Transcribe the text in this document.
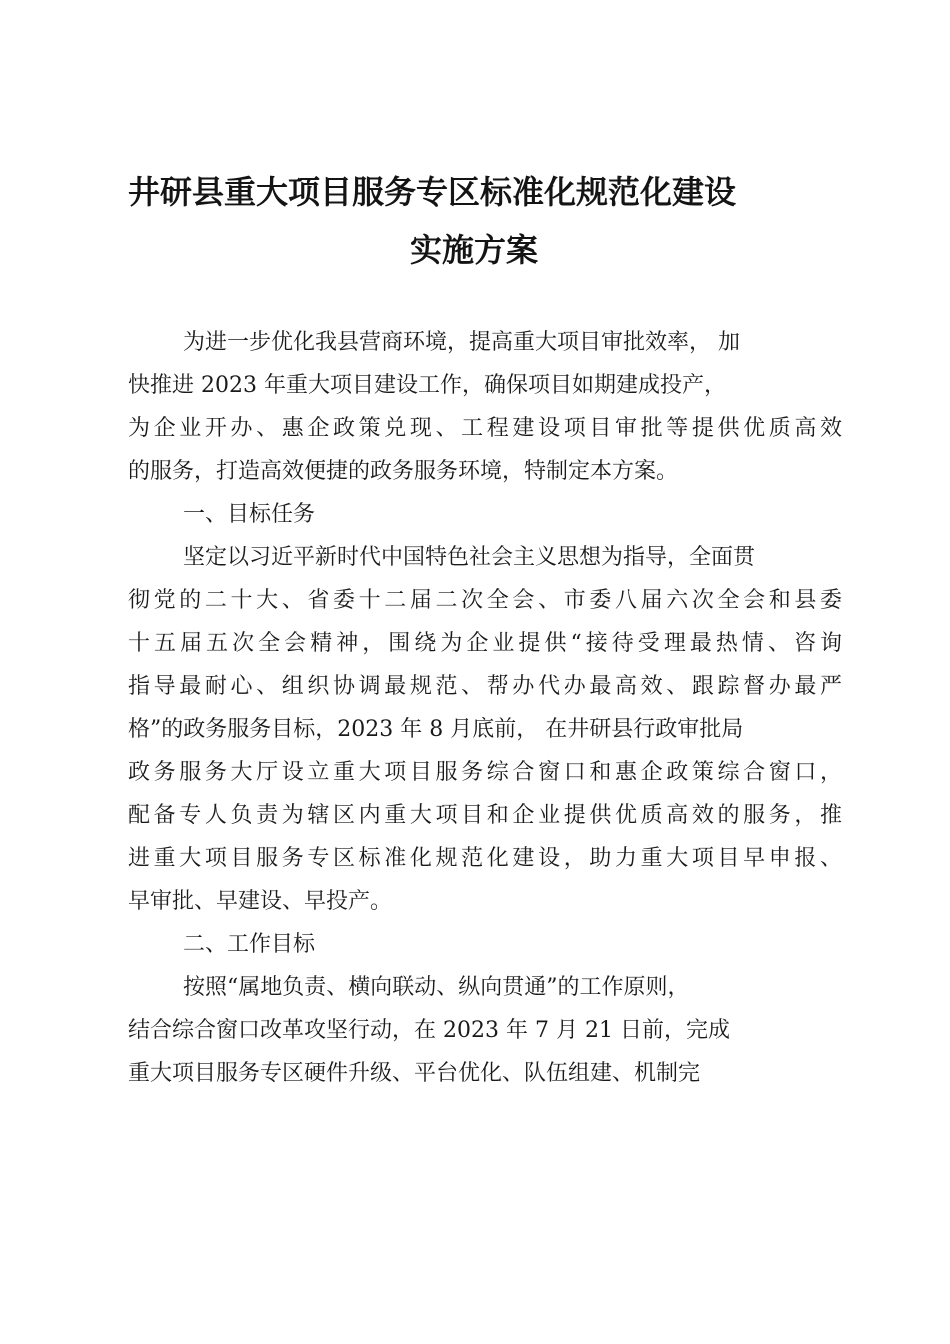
井研县重大项目服务专区标准化规范化建设
实施方案

为进一步优化我县营商环境，提高重大项目审批效率， 加

快推进 2023 年重大项目建设工作，确保项目如期建成投产，

为企业开办、惠企政策兑现、工程建设项目审批等提供优质高效

的服务，打造高效便捷的政务服务环境，特制定本方案。

一、目标任务

坚定以习近平新时代中国特色社会主义思想为指导，全面贯

彻党的二十大、省委十二届二次全会、市委八届六次全会和县委

十五届五次全会精神，围绕为企业提供“接待受理最热情、咨询

指导最耐心、组织协调最规范、帮办代办最高效、跟踪督办最严

格”的政务服务目标，2023 年 8 月底前， 在井研县行政审批局

政务服务大厅设立重大项目服务综合窗口和惠企政策综合窗口，

配备专人负责为辖区内重大项目和企业提供优质高效的服务，推

进重大项目服务专区标准化规范化建设，助力重大项目早申报、

早审批、早建设、早投产。

二、工作目标

按照“属地负责、横向联动、纵向贯通”的工作原则，

结合综合窗口改革攻坚行动，在 2023 年 7 月 21 日前，完成

重大项目服务专区硬件升级、平台优化、队伍组建、机制完
